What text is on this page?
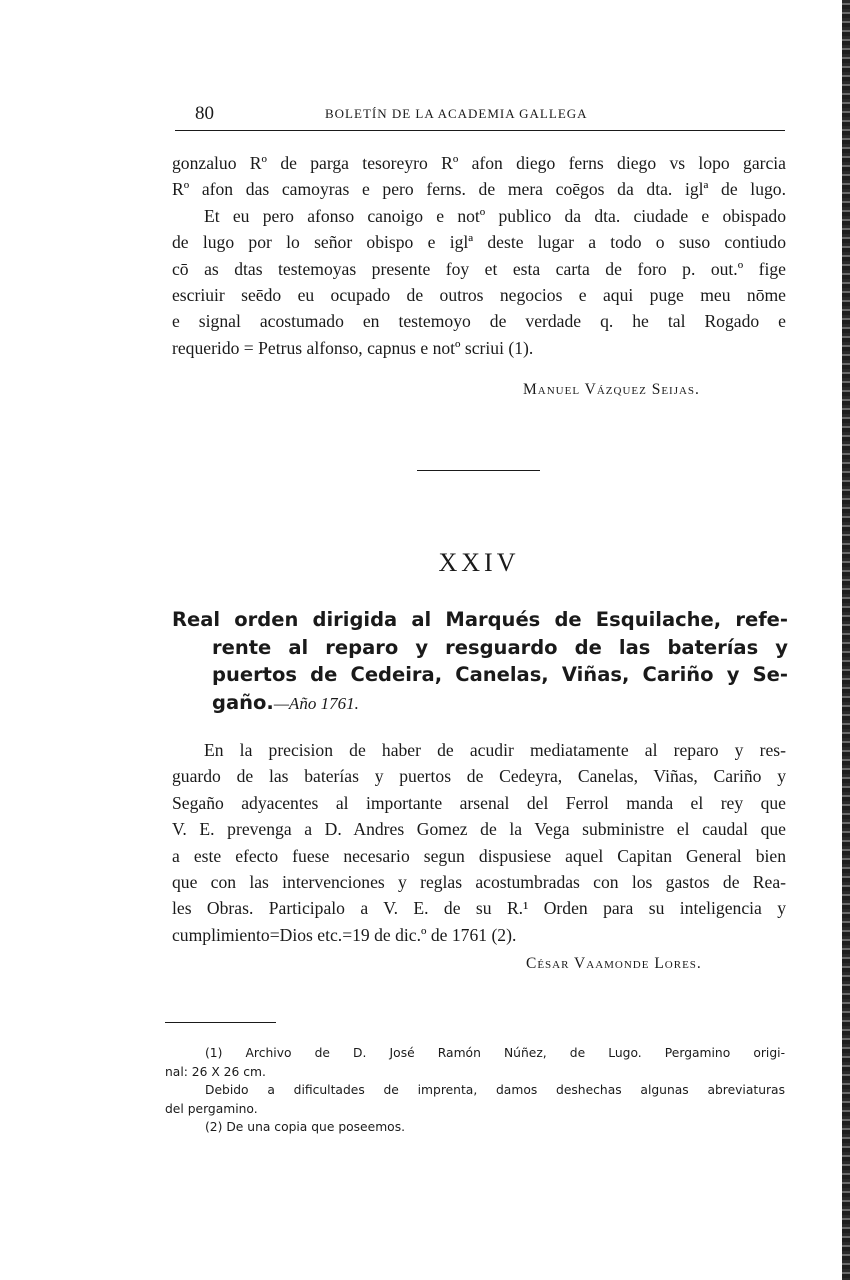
80	BOLETÍN DE LA ACADEMIA GALLEGA
gonzaluo Rº de parga tesoreyro Rº afon diego ferns diego vs lopo garcia
Rº afon das camoyras e pero ferns. de mera coēgos da dta. iglª de lugo.
Et eu pero afonso canoigo e notº publico da dta. ciudade e obispado
de lugo por lo señor obispo e iglª deste lugar a todo o suso contiudo
cō as dtas testemoyas presente foy et esta carta de foro p. out.º fige
escriuir seēdo eu ocupado de outros negocios e aqui puge meu nōme
e signal acostumado en testemoyo de verdade q. he tal Rogado e
requerido = Petrus alfonso, capnus e notº scriui (1).
Manuel Vázquez Seijas.
XXIV
Real orden dirigida al Marqués de Esquilache, refe-
rente al reparo y resguardo de las baterías y
puertos de Cedeira, Canelas, Viñas, Cariño y Se-
gaño.—Año 1761.
En la precision de haber de acudir mediatamente al reparo y res-
guardo de las baterías y puertos de Cedeyra, Canelas, Viñas, Cariño y
Segaño adyacentes al importante arsenal del Ferrol manda el rey que
V. E. prevenga a D. Andres Gomez de la Vega subministre el caudal que
a este efecto fuese necesario segun dispusiese aquel Capitan General bien
que con las intervenciones y reglas acostumbradas con los gastos de Rea-
les Obras. Participalo a V. E. de su R.¹ Orden para su inteligencia y
cumplimiento=Dios etc.=19 de dic.º de 1761 (2).
César Vaamonde Lores.
(1) Archivo de D. José Ramón Núñez, de Lugo. Pergamino origi-
nal: 26 X 26 cm.
Debido a dificultades de imprenta, damos deshechas algunas abreviaturas
del pergamino.
(2) De una copia que poseemos.
